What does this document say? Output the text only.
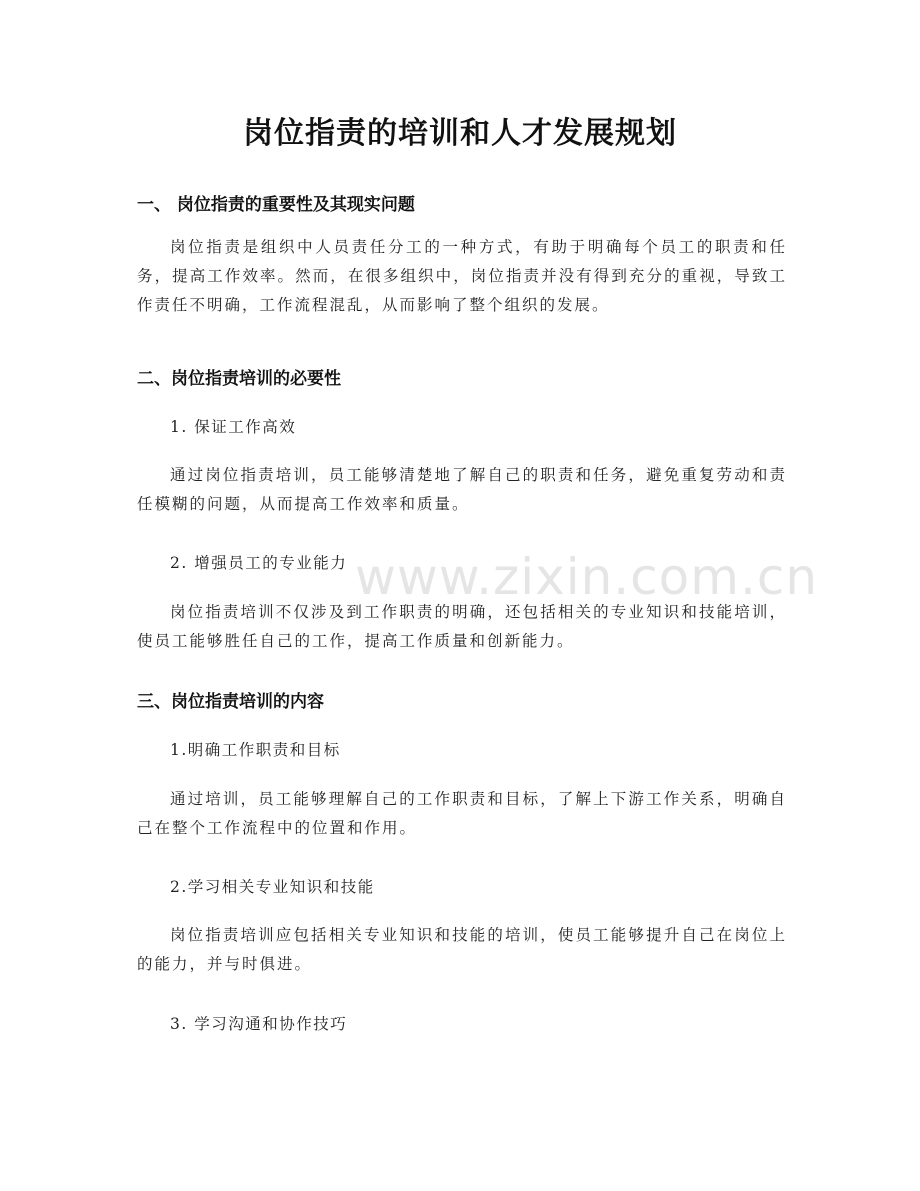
岗位指责的培训和人才发展规划
一、 岗位指责的重要性及其现实问题
岗位指责是组织中人员责任分工的一种方式，有助于明确每个员工的职责和任务，提高工作效率。然而，在很多组织中，岗位指责并没有得到充分的重视，导致工作责任不明确，工作流程混乱，从而影响了整个组织的发展。
二、岗位指责培训的必要性
1. 保证工作高效
通过岗位指责培训，员工能够清楚地了解自己的职责和任务，避免重复劳动和责任模糊的问题，从而提高工作效率和质量。
2. 增强员工的专业能力
岗位指责培训不仅涉及到工作职责的明确，还包括相关的专业知识和技能培训，使员工能够胜任自己的工作，提高工作质量和创新能力。
三、岗位指责培训的内容
1.明确工作职责和目标
通过培训，员工能够理解自己的工作职责和目标，了解上下游工作关系，明确自己在整个工作流程中的位置和作用。
2.学习相关专业知识和技能
岗位指责培训应包括相关专业知识和技能的培训，使员工能够提升自己在岗位上的能力，并与时俱进。
3. 学习沟通和协作技巧
www.zixin.com.cn
